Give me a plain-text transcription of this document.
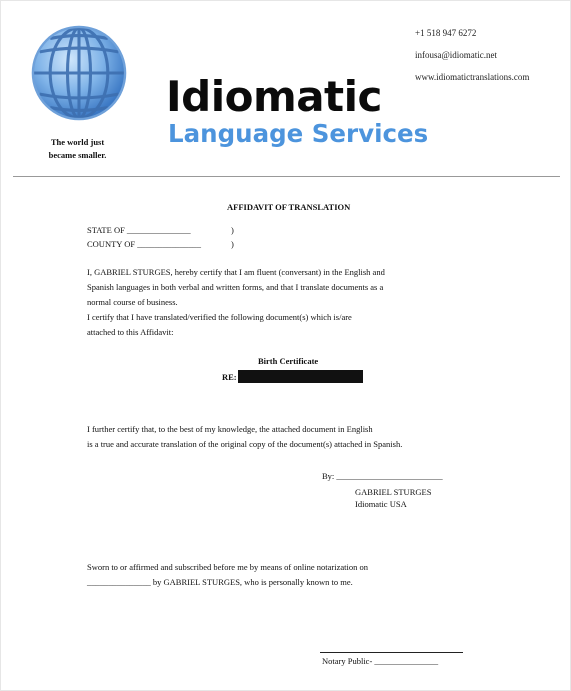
The world just became smaller.
Idiomatic
Language Services
+1 518 947 6272
infousa@idiomatic.net
www.idiomatictranslations.com
AFFIDAVIT OF TRANSLATION
STATE OF _______________	)
COUNTY OF _______________	)
I, GABRIEL STURGES, hereby certify that I am fluent (conversant) in the English and
Spanish languages in both verbal and written forms, and that I translate documents as a
normal course of business.
I certify that I have translated/verified the following document(s) which is/are
attached to this Affidavit:
Birth Certificate
RE:
I further certify that, to the best of my knowledge, the attached document in English
is a true and accurate translation of the original copy of the document(s) attached in Spanish.
By: _________________________
GABRIEL STURGES
Idiomatic USA
Sworn to or affirmed and subscribed before me by means of online notarization on
_______________ by GABRIEL STURGES, who is personally known to me.
Notary Public- _______________
